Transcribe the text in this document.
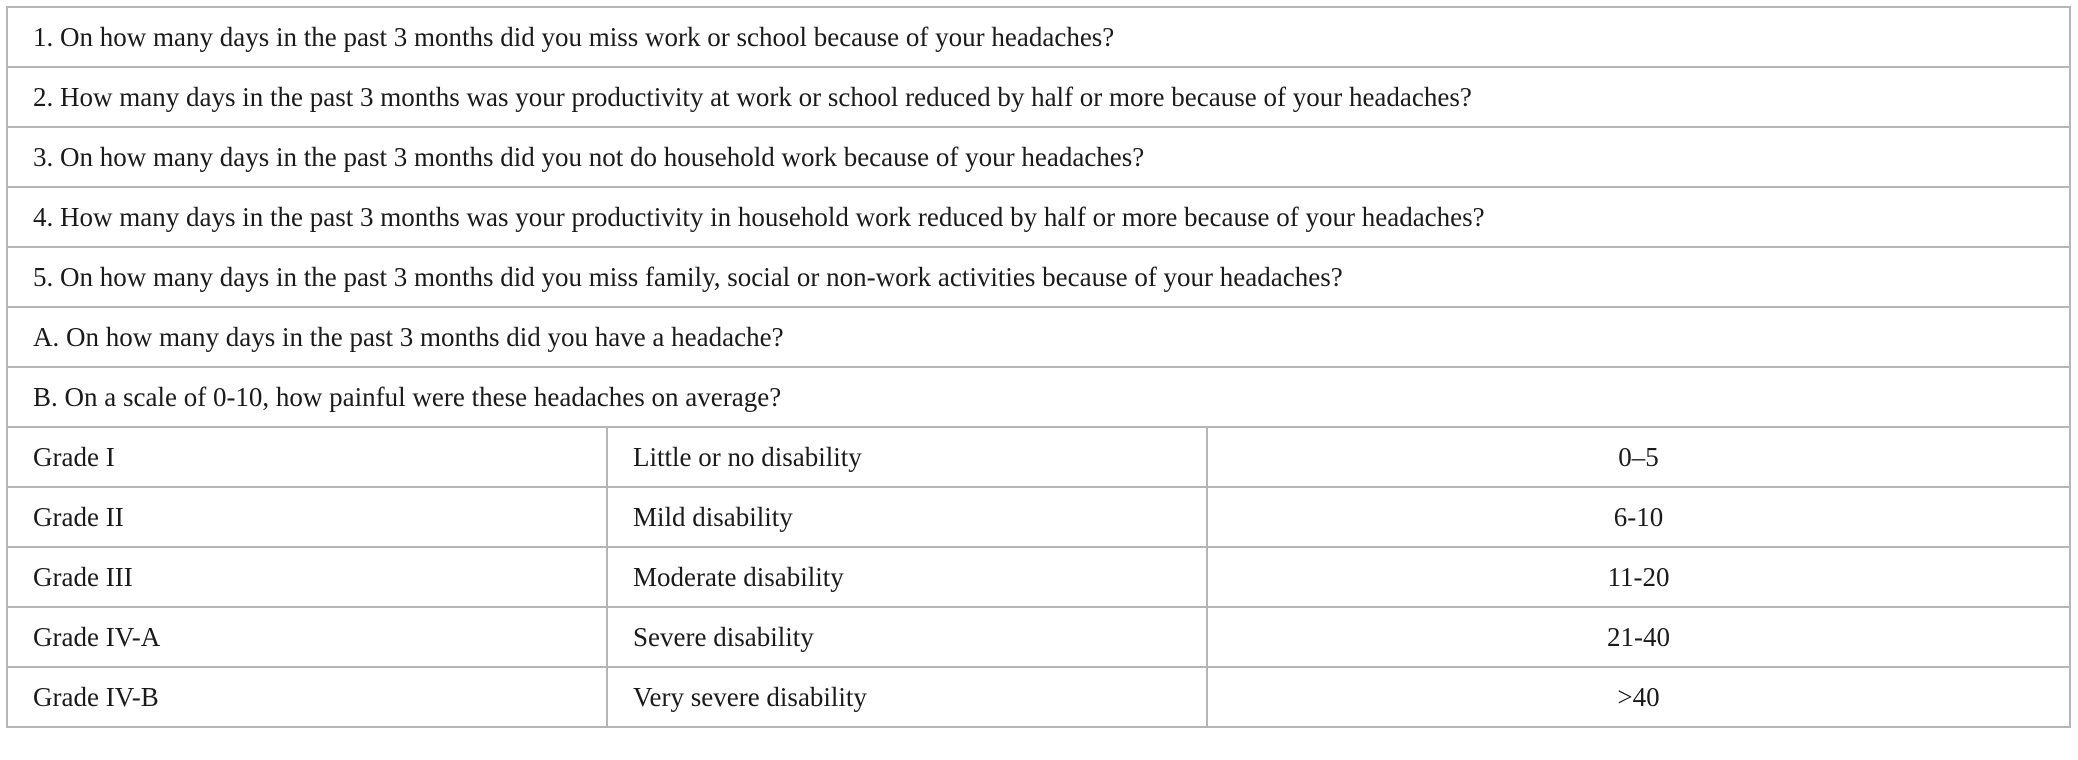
1. On how many days in the past 3 months did you miss work or school because of your headaches?		
2. How many days in the past 3 months was your productivity at work or school reduced by half or more because of your headaches?		
3. On how many days in the past 3 months did you not do household work because of your headaches?		
4. How many days in the past 3 months was your productivity in household work reduced by half or more because of your headaches?		
5. On how many days in the past 3 months did you miss family, social or non-work activities because of your headaches?		
A. On how many days in the past 3 months did you have a headache?		
B. On a scale of 0-10, how painful were these headaches on average?		
Grade I	Little or no disability	0–5
Grade II	Mild disability	6-10
Grade III	Moderate disability	11-20
Grade IV-A	Severe disability	21-40
Grade IV-B	Very severe disability	>40
